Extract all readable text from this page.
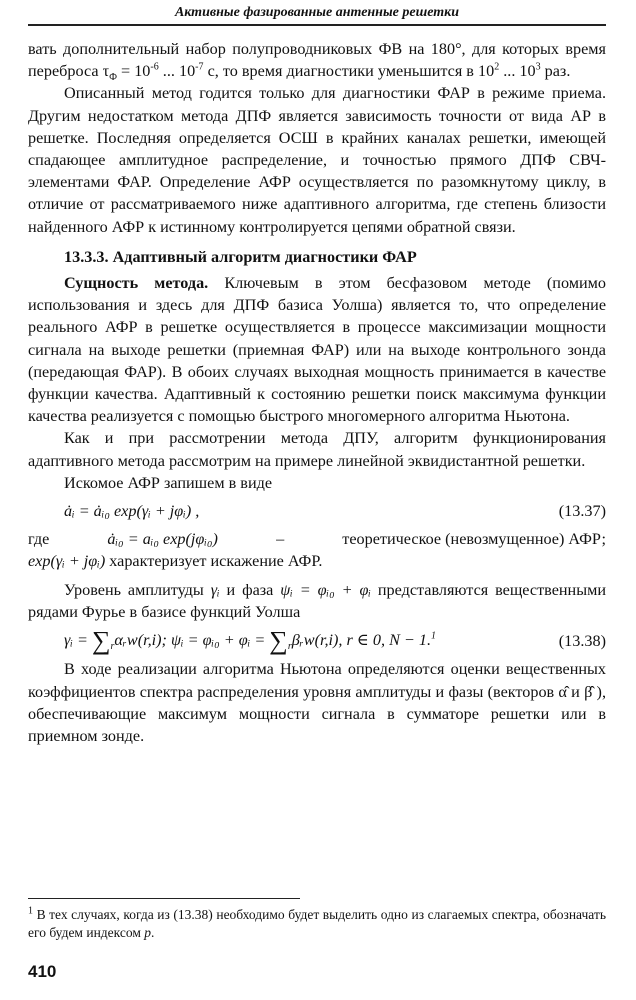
Активные фазированные антенные решетки

вать дополнительный набор полупроводниковых ФВ на 180°, для которых время переброса $\tau_Ф = 10^{-6}$ ... $10^{-7}$ с, то время диагностики уменьшится в $10^2$ ... $10^3$ раз.

Описанный метод годится только для диагностики ФАР в режиме приема. Другим недостатком метода ДПФ является зависимость точности от вида АР в решетке. Последняя определяется ОСШ в крайних каналах решетки, имеющей спадающее амплитудное распределение, и точностью прямого ДПФ СВЧ-элементами ФАР. Определение АФР осуществляется по разомкнутому циклу, в отличие от рассматриваемого ниже адаптивного алгоритма, где степень близости найденного АФР к истинному контролируется цепями обратной связи.

13.3.3. Адаптивный алгоритм диагностики ФАР

Сущность метода. Ключевым в этом бесфазовом методе (помимо использования и здесь для ДПФ базиса Уолша) является то, что определение реального АФР в решетке осуществляется в процессе максимизации мощности сигнала на выходе решетки (приемная ФАР) или на выходе контрольного зонда (передающая ФАР). В обоих случаях выходная мощность принимается в качестве функции качества. Адаптивный к состоянию решетки поиск максимума функции качества реализуется с помощью быстрого многомерного алгоритма Ньютона.

Как и при рассмотрении метода ДПУ, алгоритм функционирования адаптивного метода рассмотрим на примере линейной эквидистантной решетки.

Искомое АФР запишем в виде

ȧᵢ = ȧᵢ₀ exp(γᵢ + jφᵢ) ,	(13.37)
где	ȧᵢ₀ = aᵢ₀ exp(jφᵢ₀)	–	теоретическое (невозмущенное) АФР;

exp(γᵢ + jφᵢ) характеризует искажение АФР.

Уровень амплитуды γᵢ и фаза ψᵢ = φᵢ₀ + φᵢ представляются вещественными рядами Фурье в базисе функций Уолша

γᵢ = $\sum_r\alpha ᵣw(r,i)$; ψᵢ = φᵢ₀ + φᵢ = $\sum_r\beta ᵣw(r,i)$, r ∈ 0, N − 1.$^1$	(13.38)

В ходе реализации алгоритма Ньютона определяются оценки вещественных коэффициентов спектра распределения уровня амплитуды и фазы (векторов α̂ и β̂ ), обеспечивающие максимум мощности сигнала в сумматоре решетки или в приемном зонде.

$^1$ В тех случаях, когда из (13.38) необходимо будет выделить одно из слагаемых спектра, обозначать его будем индексом p.
410
